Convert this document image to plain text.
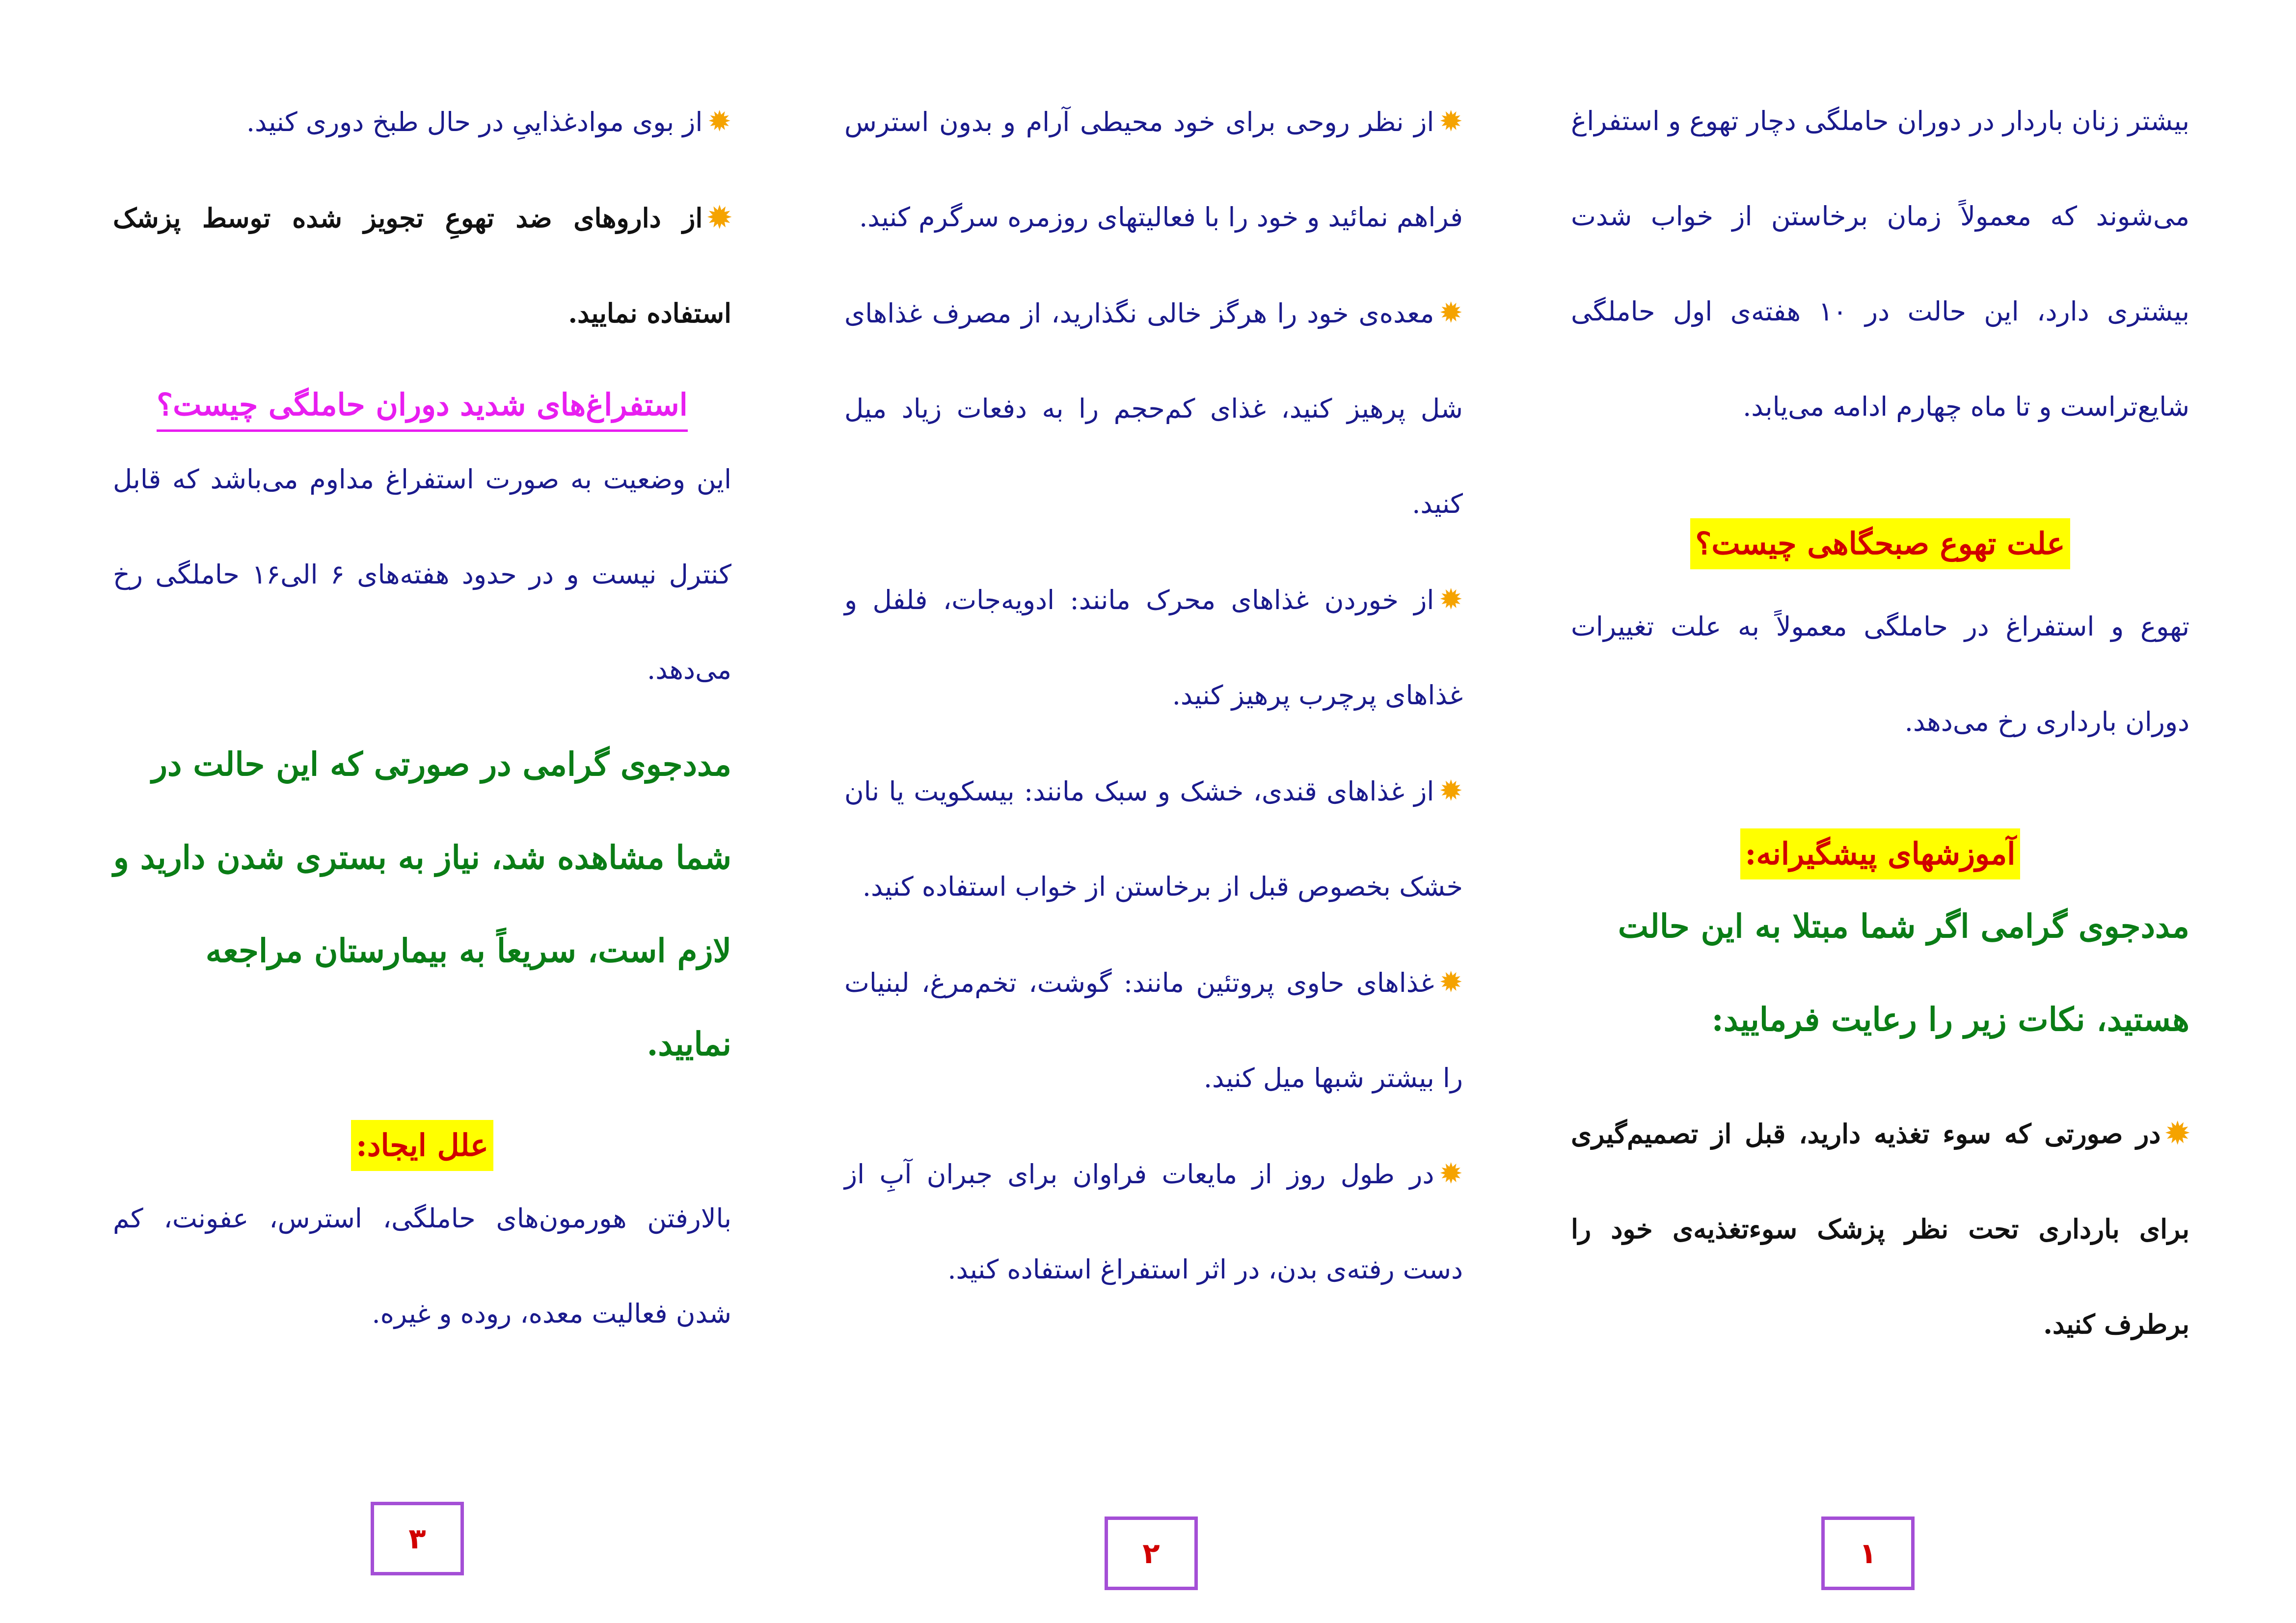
بیشتر زنان باردار در دوران حاملگی دچار تهوع و استفراغ می‌شوند که معمولاً زمان برخاستن از خواب شدت بیشتری دارد، این حالت در ۱۰ هفته‌ی اول حاملگی شایع‌تراست و تا ماه چهارم ادامه می‌یابد.
علت تهوع صبحگاهی چیست؟
تهوع و استفراغ در حاملگی معمولاً به علت تغییرات دوران بارداری رخ می‌دهد.
آموزشهای پیشگیرانه:
مددجوی گرامی اگر شما مبتلا به این حالت هستید، نکات زیر را رعایت فرمایید:
✹در صورتی که سوء تغذیه دارید، قبل از تصمیم‌گیری برای بارداری تحت نظر پزشک سوءتغذیه‌ی خود را برطرف کنید.
۱
✹از نظر روحی برای خود محیطی آرام و بدون استرس فراهم نمائید و خود را با فعالیتهای روزمره سرگرم کنید.
✹معده‌ی خود را هرگز خالی نگذارید، از مصرف غذاهای شل پرهیز کنید، غذای کم‌حجم را به دفعات زیاد میل کنید.
✹از خوردن غذاهای محرک مانند: ادویه‌جات، فلفل و غذاهای پرچرب پرهیز کنید.
✹از غذاهای قندی، خشک و سبک مانند: بیسکویت یا نان خشک بخصوص قبل از برخاستن از خواب استفاده کنید.
✹غذاهای حاوی پروتئین مانند: گوشت، تخم‌مرغ، لبنیات را بیشتر شبها میل کنید.
✹در طول روز از مایعات فراوان برای جبران آبِ از دست رفته‌ی بدن، در اثر استفراغ استفاده کنید.
۲
✹از بوی موادغذاییِ در حال طبخ دوری کنید.
✹از داروهای ضد تهوعِ تجویز شده توسط پزشک استفاده نمایید.
استفراغ‌های شدید دوران حاملگی چیست؟
این وضعیت به صورت استفراغ مداوم می‌باشد که قابل کنترل نیست و در حدود هفته‌های ۶ الی۱۶ حاملگی رخ می‌دهد.
مددجوی گرامی در صورتی که این حالت در شما مشاهده شد، نیاز به بستری شدن دارید و لازم است، سریعاً به بیمارستان مراجعه نمایید.
علل ایجاد:
بالارفتن هورمون‌های حاملگی، استرس، عفونت، کم شدن فعالیت معده، روده و غیره.
۳
